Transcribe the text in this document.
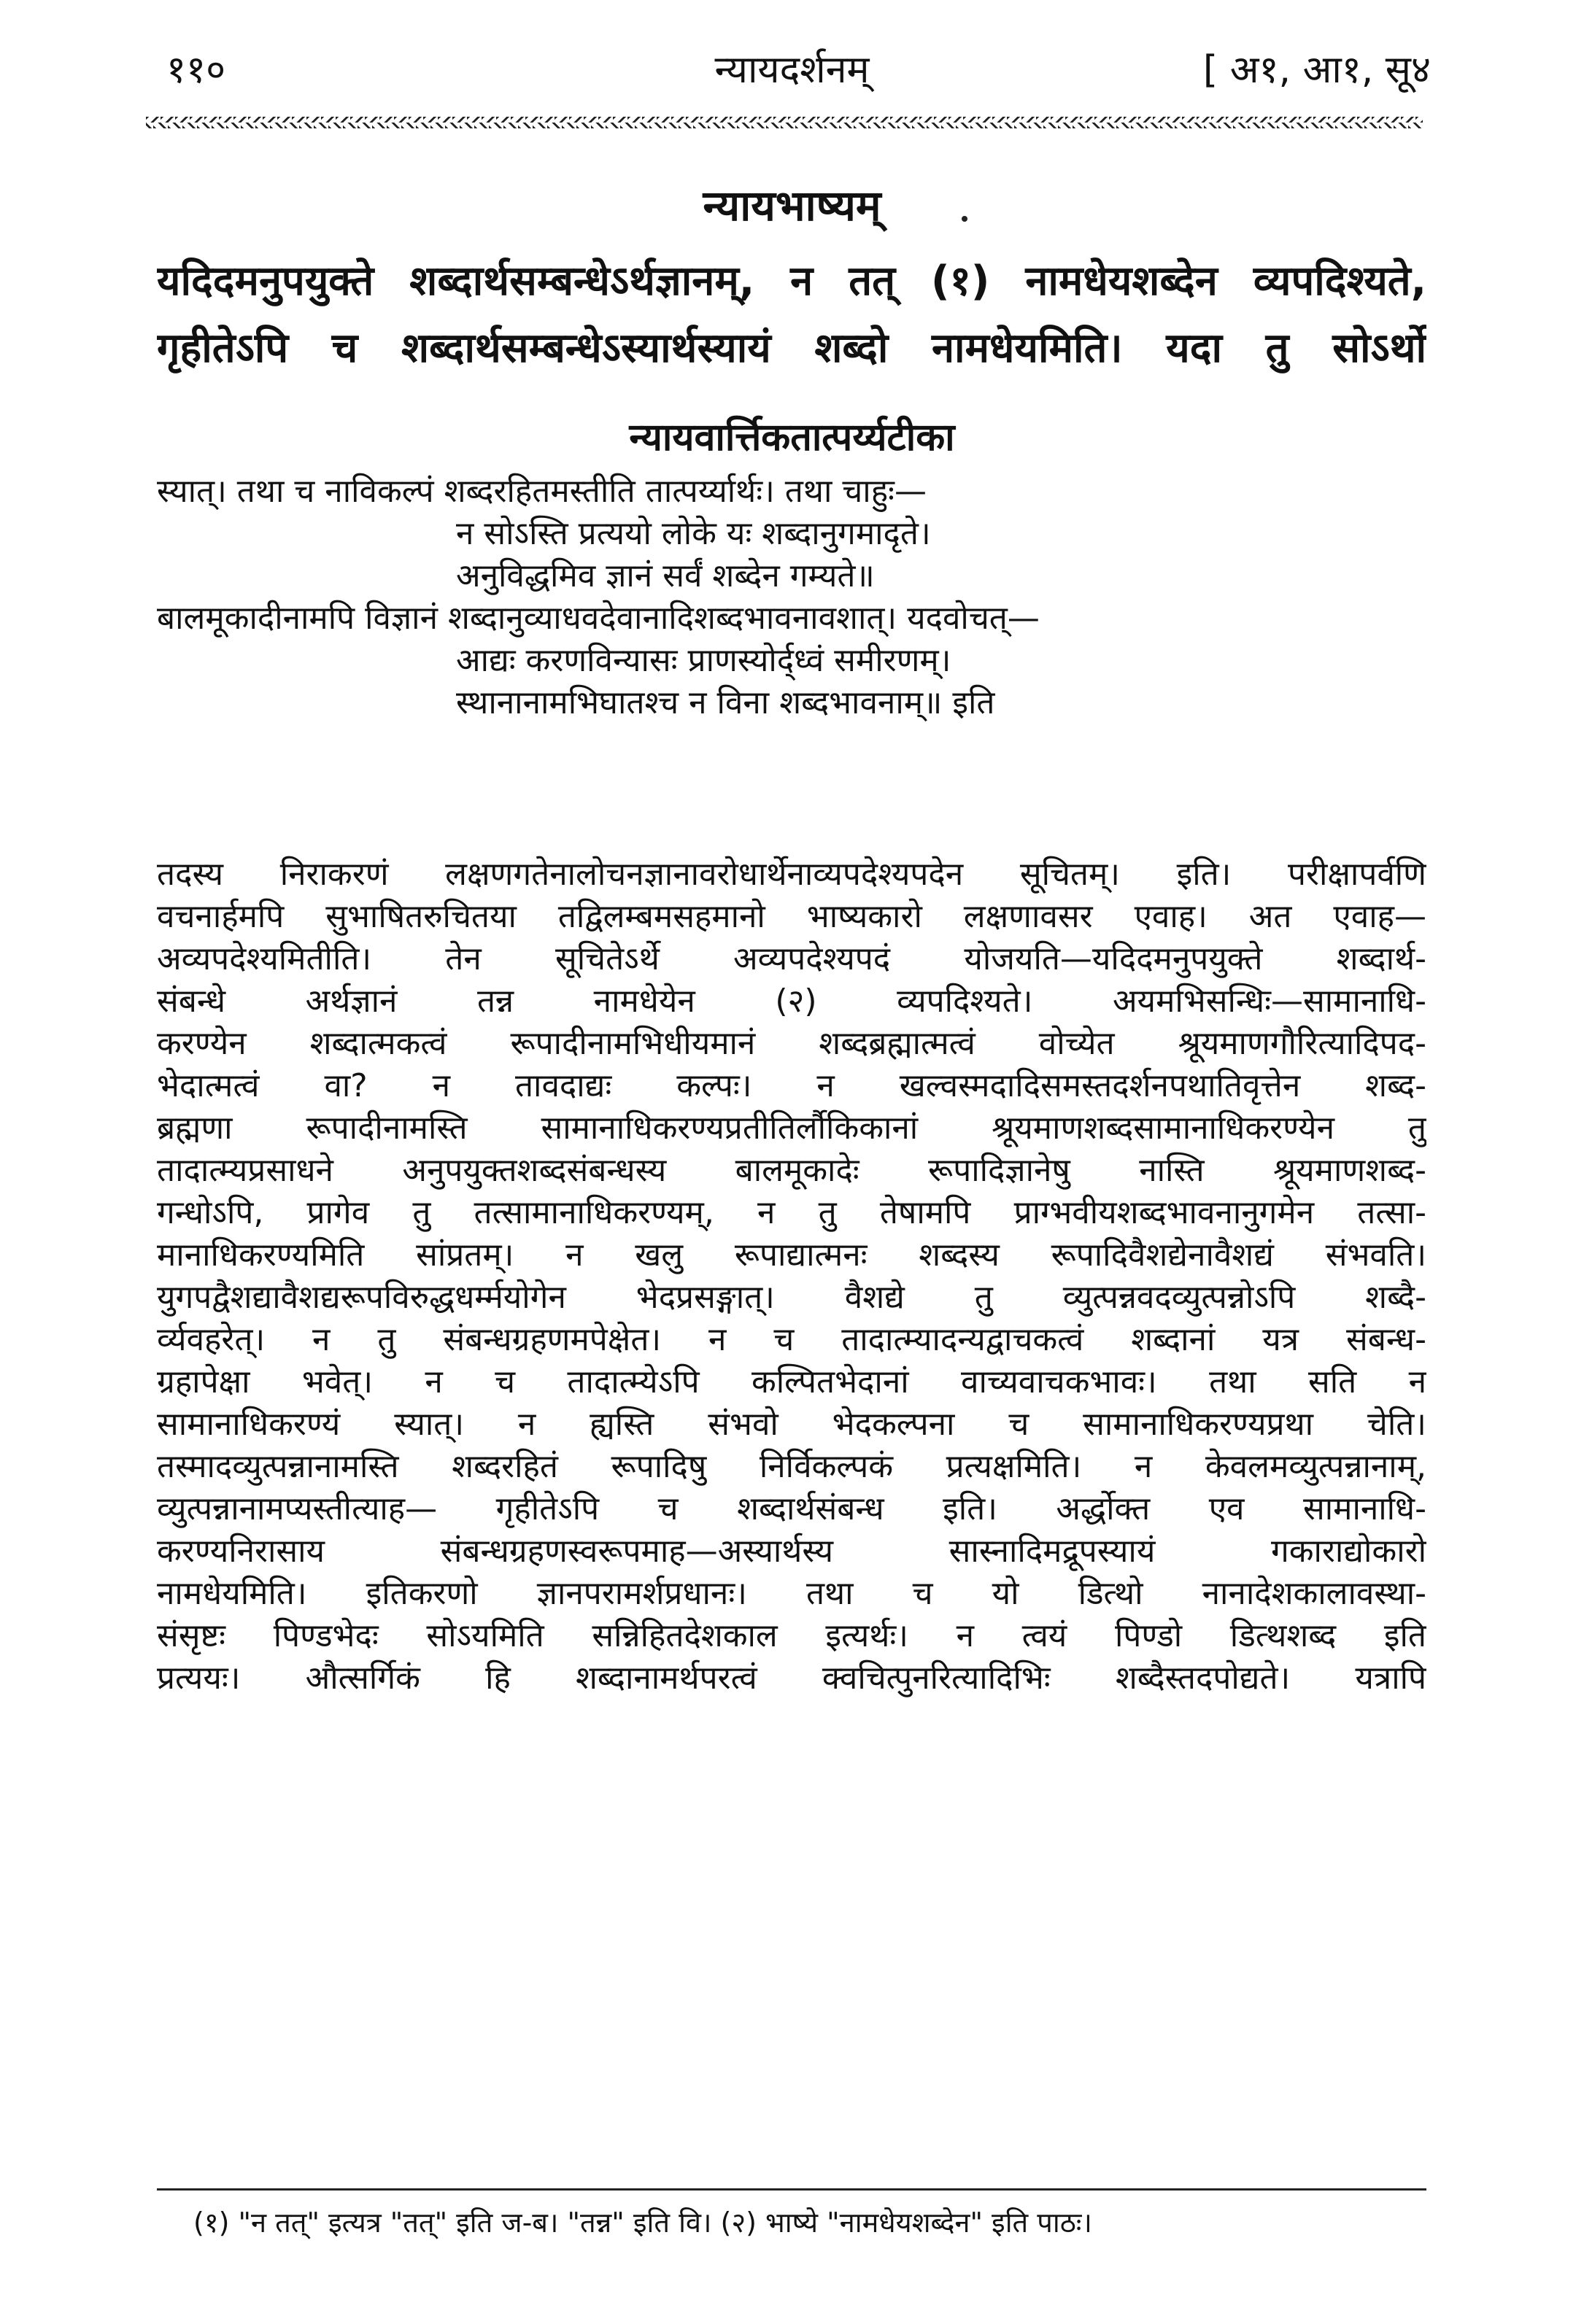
११०	न्यायदर्शनम्	[ अ१, आ१, सू४
न्यायभाष्यम्
यदिदमनुपयुक्ते शब्दार्थसम्बन्धेऽर्थज्ञानम्, न तत् (१) नामधेयशब्देन व्यपदिश्यते,
गृहीतेऽपि च शब्दार्थसम्बन्धेऽस्यार्थस्यायं शब्दो नामधेयमिति। यदा तु सोऽर्थो
न्यायवार्त्तिकतात्पर्य्यटीका
स्यात्। तथा च नाविकल्पं शब्दरहितमस्तीति तात्पर्य्यार्थः। तथा चाहुः—
न सोऽस्ति प्रत्ययो लोके यः शब्दानुगमादृते।
अनुविद्धमिव ज्ञानं सर्वं शब्देन गम्यते॥
बालमूकादीनामपि विज्ञानं शब्दानुव्याधवदेवानादिशब्दभावनावशात्। यदवोचत्—
आद्यः करणविन्यासः प्राणस्योर्द्ध्वं समीरणम्।
स्थानानामभिघातश्च न विना शब्दभावनाम्॥ इति
तदस्य निराकरणं लक्षणगतेनालोचनज्ञानावरोधार्थेनाव्यपदेश्यपदेन सूचितम्। इति। परीक्षापर्वणि
वचनार्हमपि सुभाषितरुचितया तद्विलम्बमसहमानो भाष्यकारो लक्षणावसर एवाह। अत एवाह—
अव्यपदेश्यमितीति। तेन सूचितेऽर्थे अव्यपदेश्यपदं योजयति—यदिदमनुपयुक्ते शब्दार्थ-
संबन्धे अर्थज्ञानं तन्न नामधेयेन (२) व्यपदिश्यते। अयमभिसन्धिः—सामानाधि-
करण्येन शब्दात्मकत्वं रूपादीनामभिधीयमानं शब्दब्रह्मात्मत्वं वोच्येत श्रूयमाणगौरित्यादिपद-
भेदात्मत्वं वा? न तावदाद्यः कल्पः। न खल्वस्मदादिसमस्तदर्शनपथातिवृत्तेन शब्द-
ब्रह्मणा रूपादीनामस्ति सामानाधिकरण्यप्रतीतिर्लौकिकानां श्रूयमाणशब्दसामानाधिकरण्येन तु
तादात्म्यप्रसाधने अनुपयुक्तशब्दसंबन्धस्य बालमूकादेः रूपादिज्ञानेषु नास्ति श्रूयमाणशब्द-
गन्धोऽपि, प्रागेव तु तत्सामानाधिकरण्यम्, न तु तेषामपि प्राग्भवीयशब्दभावनानुगमेन तत्सा-
मानाधिकरण्यमिति सांप्रतम्। न खलु रूपाद्यात्मनः शब्दस्य रूपादिवैशद्येनावैशद्यं संभवति।
युगपद्वैशद्यावैशद्यरूपविरुद्धधर्म्मयोगेन भेदप्रसङ्गात्। वैशद्ये तु व्युत्पन्नवदव्युत्पन्नोऽपि शब्दै-
र्व्यवहरेत्। न तु संबन्धग्रहणमपेक्षेत। न च तादात्म्यादन्यद्वाचकत्वं शब्दानां यत्र संबन्ध-
ग्रहापेक्षा भवेत्। न च तादात्म्येऽपि कल्पितभेदानां वाच्यवाचकभावः। तथा सति न
सामानाधिकरण्यं स्यात्। न ह्यस्ति संभवो भेदकल्पना च सामानाधिकरण्यप्रथा चेति।
तस्मादव्युत्पन्नानामस्ति शब्दरहितं रूपादिषु निर्विकल्पकं प्रत्यक्षमिति। न केवलमव्युत्पन्नानाम्,
व्युत्पन्नानामप्यस्तीत्याह— गृहीतेऽपि च शब्दार्थसंबन्ध इति। अर्द्धोक्त एव सामानाधि-
करण्यनिरासाय संबन्धग्रहणस्वरूपमाह—अस्यार्थस्य सास्नादिमद्रूपस्यायं गकाराद्योकारो
नामधेयमिति। इतिकरणो ज्ञानपरामर्शप्रधानः। तथा च यो डित्थो नानादेशकालावस्था-
संसृष्टः पिण्डभेदः सोऽयमिति सन्निहितदेशकाल इत्यर्थः। न त्वयं पिण्डो डित्थशब्द इति
प्रत्ययः। औत्सर्गिकं हि शब्दानामर्थपरत्वं क्वचित्पुनरित्यादिभिः शब्दैस्तदपोद्यते। यत्रापि
(१) "न तत्" इत्यत्र "तत्" इति ज-ब। "तन्न" इति वि। (२) भाष्ये "नामधेयशब्देन" इति पाठः।
